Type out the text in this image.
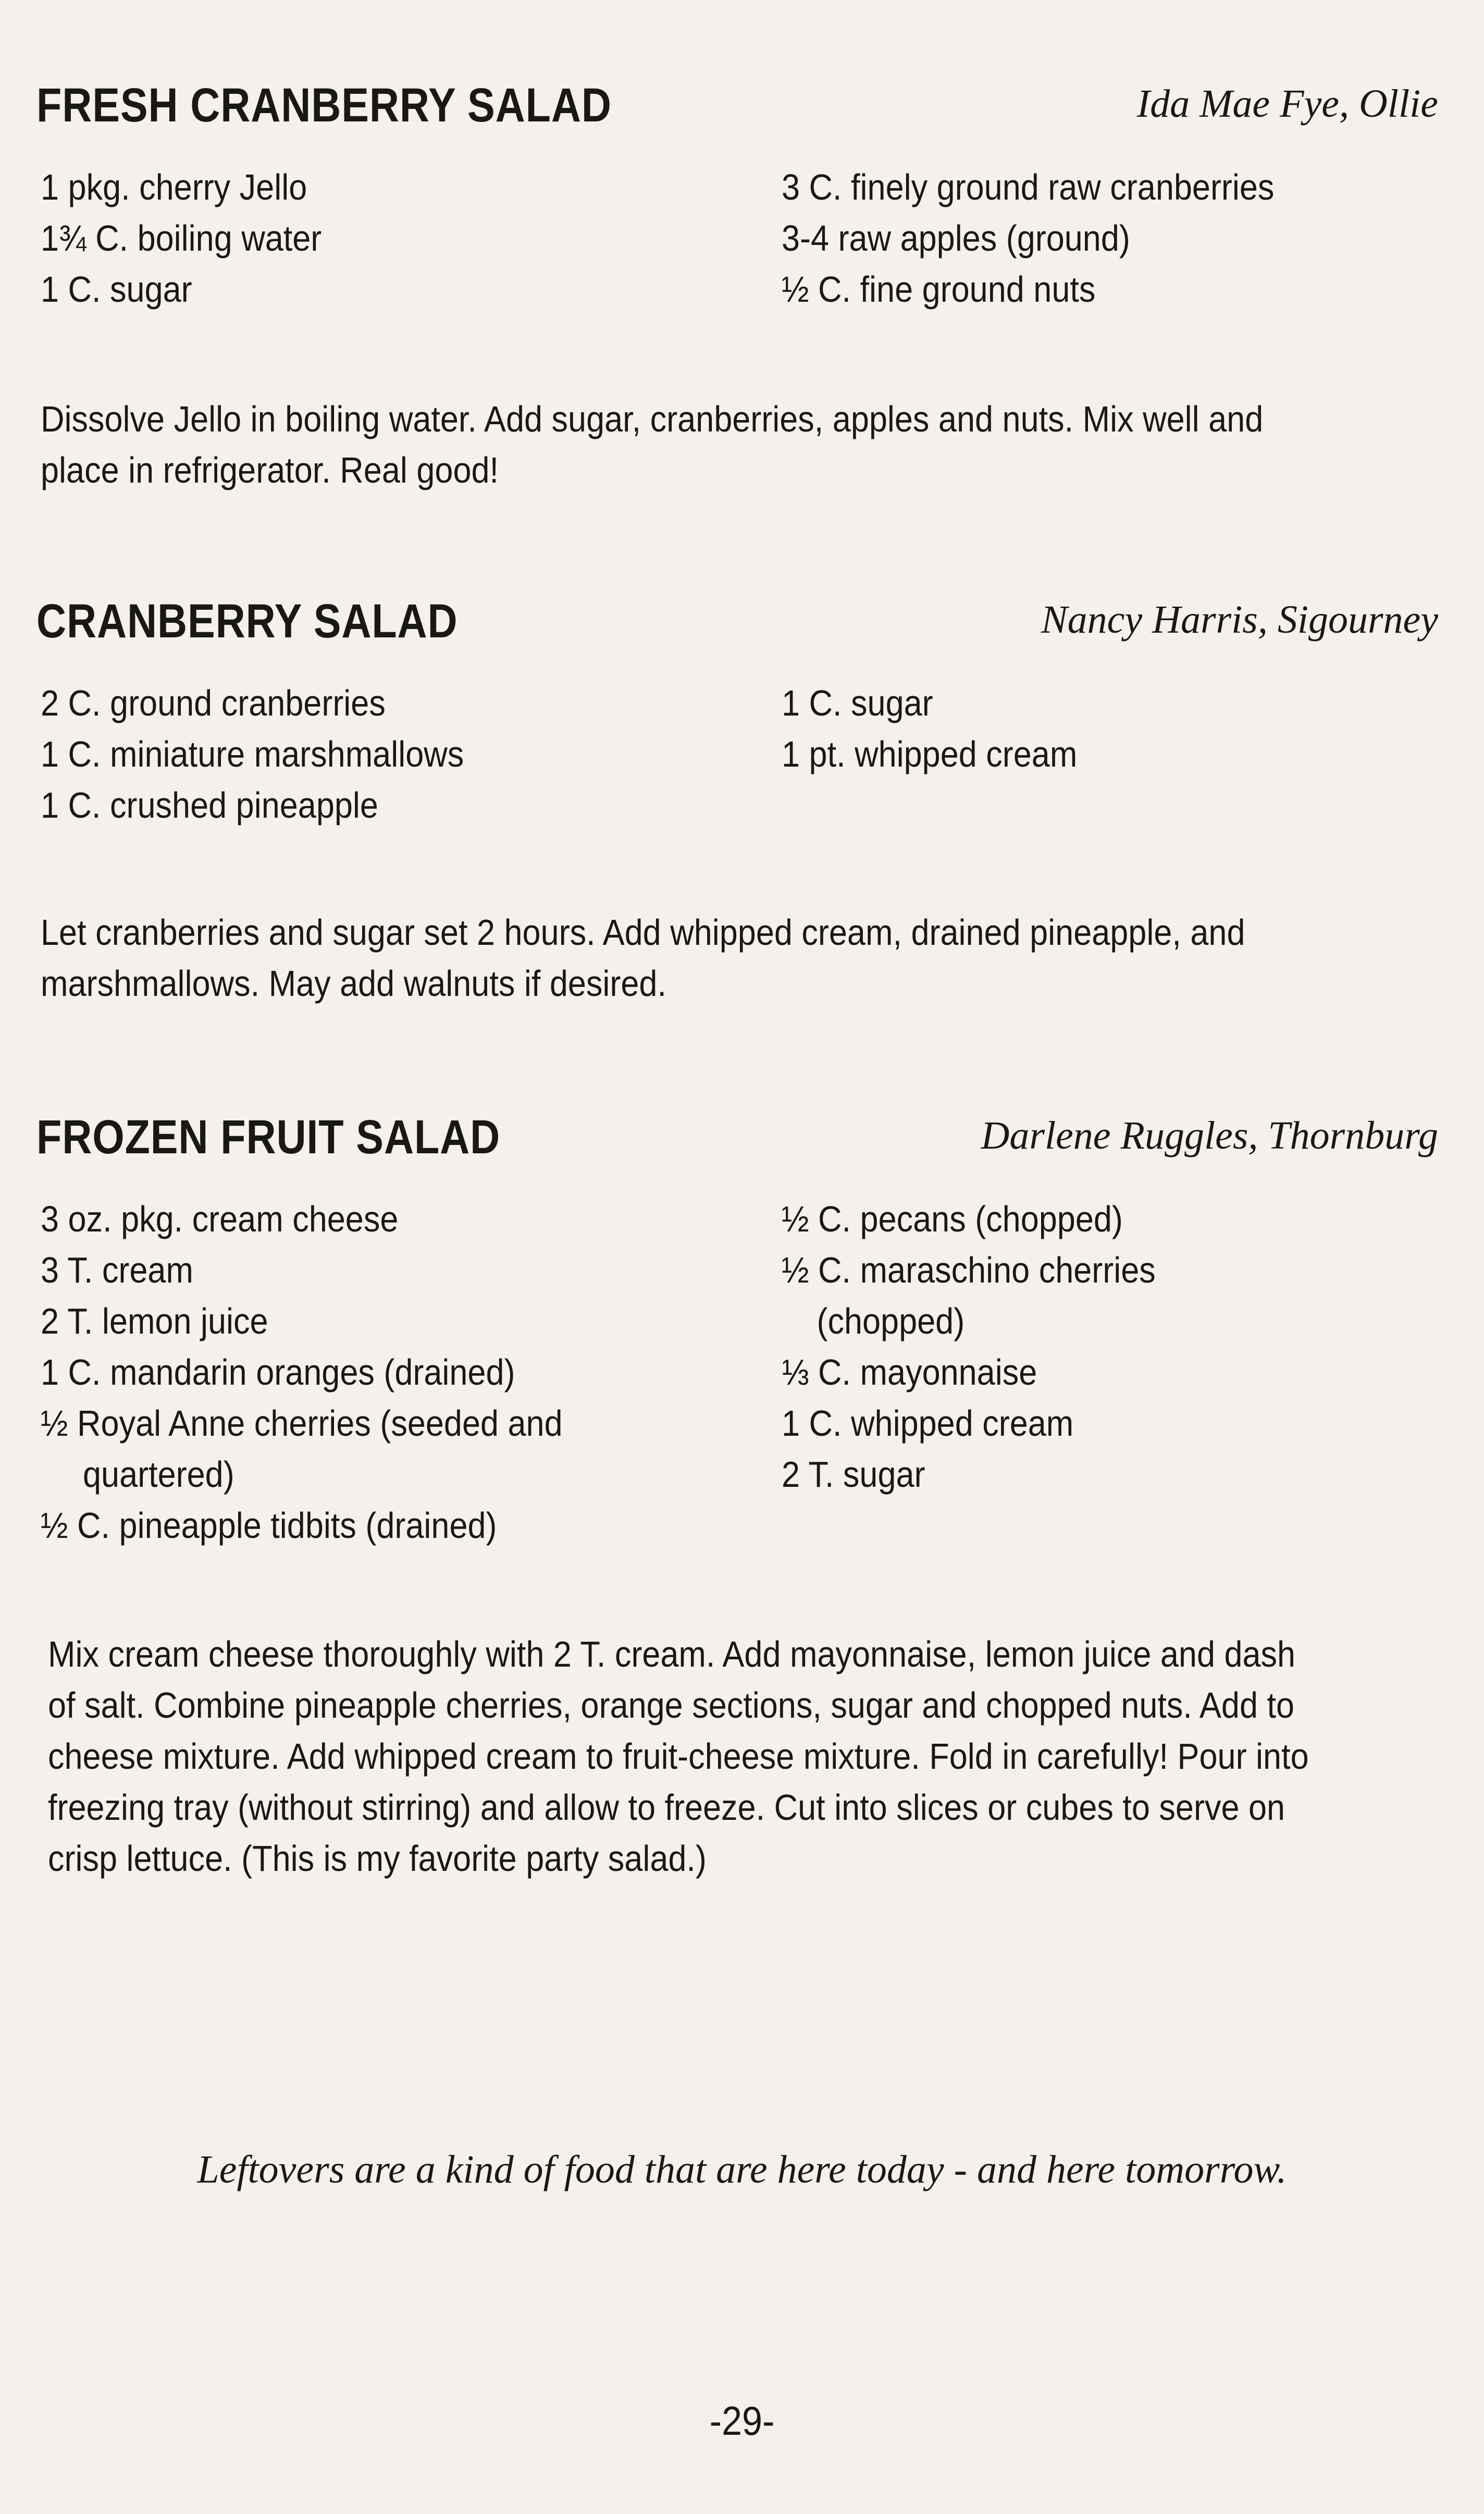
FRESH CRANBERRY SALAD	Ida Mae Fye, Ollie
1 pkg. cherry Jello
1¾ C. boiling water
1 C. sugar
3 C. finely ground raw cranberries
3-4 raw apples (ground)
½ C. fine ground nuts
Dissolve Jello in boiling water. Add sugar, cranberries, apples and nuts. Mix well and place in refrigerator. Real good!
CRANBERRY SALAD	Nancy Harris, Sigourney
2 C. ground cranberries
1 C. miniature marshmallows
1 C. crushed pineapple
1 C. sugar
1 pt. whipped cream
Let cranberries and sugar set 2 hours. Add whipped cream, drained pineapple, and marshmallows. May add walnuts if desired.
FROZEN FRUIT SALAD	Darlene Ruggles, Thornburg
3 oz. pkg. cream cheese
3 T. cream
2 T. lemon juice
1 C. mandarin oranges (drained)
½ Royal Anne cherries (seeded and quartered)
½ C. pineapple tidbits (drained)
½ C. pecans (chopped)
½ C. maraschino cherries (chopped)
⅓ C. mayonnaise
1 C. whipped cream
2 T. sugar
Mix cream cheese thoroughly with 2 T. cream. Add mayonnaise, lemon juice and dash of salt. Combine pineapple cherries, orange sections, sugar and chopped nuts. Add to cheese mixture. Add whipped cream to fruit-cheese mixture. Fold in carefully! Pour into freezing tray (without stirring) and allow to freeze. Cut into slices or cubes to serve on crisp lettuce. (This is my favorite party salad.)
Leftovers are a kind of food that are here today - and here tomorrow.
-29-
